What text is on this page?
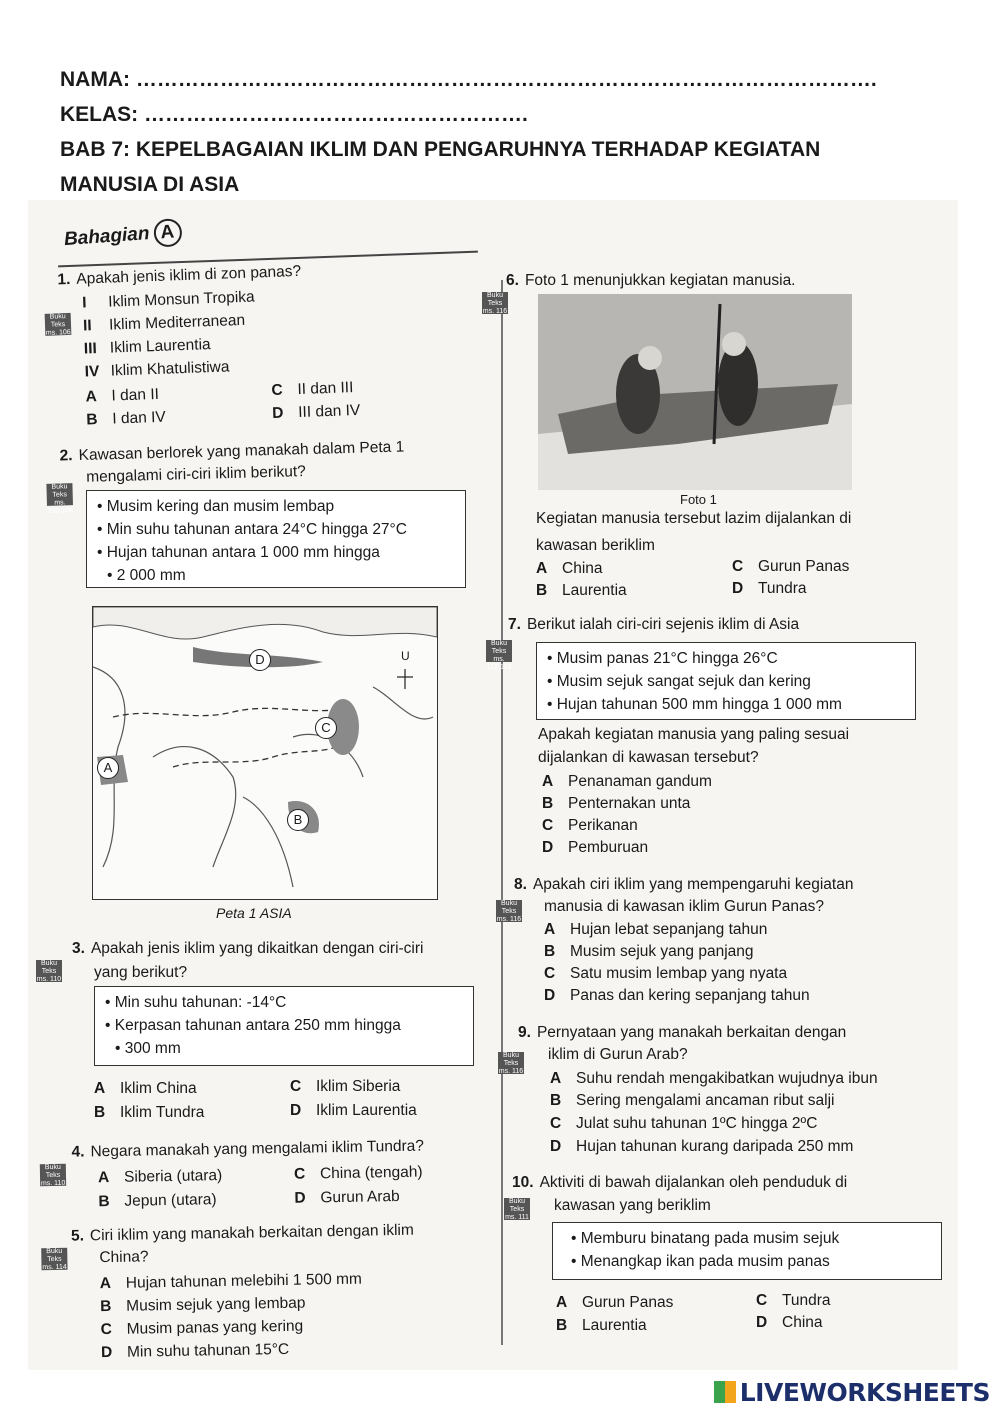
NAMA: …………………………………………………………………………………………….
KELAS: ……………………………………………….
BAB 7: KEPELBAGAIAN IKLIM DAN PENGARUHNYA TERHADAP KEGIATAN
MANUSIA DI ASIA
Bahagian A
1. Apakah jenis iklim di zon panas?
Buku Teks
ms. 106
I Iklim Monsun Tropika
II Iklim Mediterranean
III Iklim Laurentia
IV Iklim Khatulistiwa
A I dan II
B I dan IV
C II dan III
D III dan IV
2. Kawasan berlorek yang manakah dalam Peta 1
mengalami ciri-ciri iklim berikut?
Buku Teks
ms. 105-106
•	Musim kering dan musim lembap
• Min suhu tahunan antara 24°C hingga 27°C
• Hujan tahunan antara 1 000 mm hingga
• 2 000 mm
U
A
B
C
D
Peta 1 ASIA
3. Apakah jenis iklim yang dikaitkan dengan ciri-ciri
yang berikut?
Buku Teks
ms. 110
A Iklim China
B Iklim Tundra
C Iklim Siberia
D Iklim Laurentia
• Min suhu tahunan: -14°C
• Kerpasan tahunan antara 250 mm hingga
• 300 mm
4. Negara manakah yang mengalami iklim Tundra?
Buku Teks
ms. 110 A Siberia (utara)
B Jepun (utara)
C China (tengah)
D Gurun Arab
5. Ciri iklim yang manakah berkaitan dengan iklim
China?
Buku Teks
ms. 114
A Hujan tahunan melebihi 1 500 mm
B Musim sejuk yang lembap
C Musim panas yang kering
D Min suhu tahunan 15°C
6. Foto 1 menunjukkan kegiatan manusia.
Buku Teks
ms. 116
Foto 1
Kegiatan manusia tersebut lazim dijalankan di
kawasan beriklim
A China
B Laurentia
C Gurun Panas
D Tundra
7. Berikut ialah ciri-ciri sejenis iklim di Asia
Buku Teks
ms. 112-113
• Musim panas 21°C hingga 26°C
• Musim sejuk sangat sejuk dan kering
• Hujan tahunan 500 mm hingga 1 000 mm
Apakah kegiatan manusia yang paling sesuai
dijalankan di kawasan tersebut?
A Penanaman gandum
B Penternakan unta
C Perikanan
D Pemburuan
8. Apakah ciri iklim yang mempengaruhi kegiatan
manusia di kawasan iklim Gurun Panas?
Buku Teks
ms. 116
A Hujan lebat sepanjang tahun
B Musim sejuk yang panjang
C Satu musim lembap yang nyata
D Panas dan kering sepanjang tahun
9. Pernyataan yang manakah berkaitan dengan
iklim di Gurun Arab?
Buku Teks
ms. 116 A Suhu rendah mengakibatkan wujudnya ibun
B Sering mengalami ancaman ribut salji
C Julat suhu tahunan 1ºC hingga 2ºC
D Hujan tahunan kurang daripada 250 mm
10. Aktiviti di bawah dijalankan oleh penduduk di
kawasan yang beriklim
Buku Teks
ms. 111
• Memburu binatang pada musim sejuk
• Menangkap ikan pada musim panas
A Gurun Panas
B Laurentia
C Tundra
D China
LIVEWORKSHEETS
